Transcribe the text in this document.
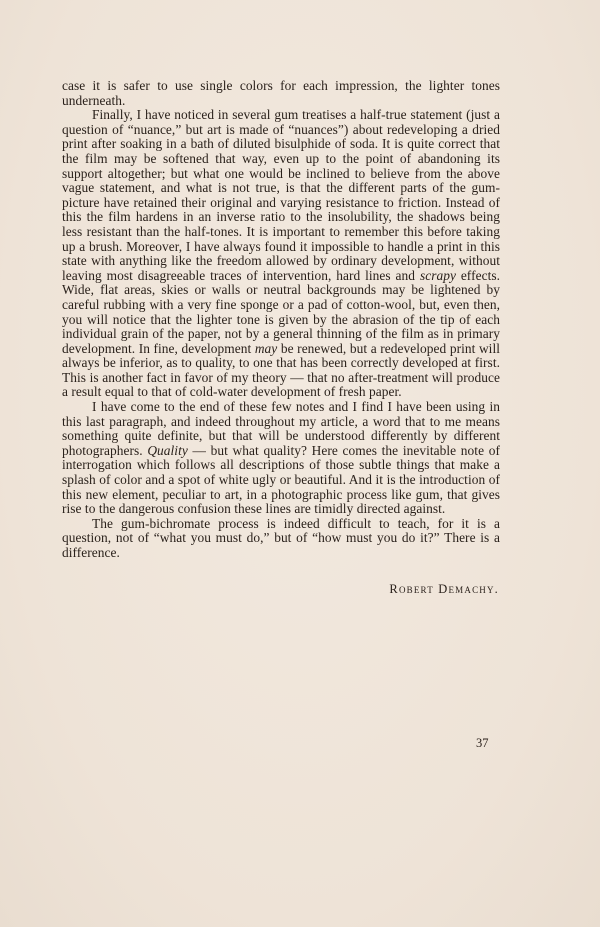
case it is safer to use single colors for each impression, the lighter tones underneath.

Finally, I have noticed in several gum treatises a half-true statement (just a question of “nuance,” but art is made of “nuances”) about redeveloping a dried print after soaking in a bath of diluted bisulphide of soda. It is quite correct that the film may be softened that way, even up to the point of abandoning its support altogether; but what one would be inclined to believe from the above vague statement, and what is not true, is that the different parts of the gum-picture have retained their original and varying resistance to friction. Instead of this the film hardens in an inverse ratio to the insolubility, the shadows being less resistant than the half-tones. It is important to remember this before taking up a brush. Moreover, I have always found it impossible to handle a print in this state with anything like the freedom allowed by ordinary development, without leaving most disagreeable traces of intervention, hard lines and scrapy effects. Wide, flat areas, skies or walls or neutral backgrounds may be lightened by careful rubbing with a very fine sponge or a pad of cotton-wool, but, even then, you will notice that the lighter tone is given by the abrasion of the tip of each individual grain of the paper, not by a general thinning of the film as in primary development. In fine, development may be renewed, but a redeveloped print will always be inferior, as to quality, to one that has been correctly developed at first. This is another fact in favor of my theory — that no after-treatment will produce a result equal to that of cold-water development of fresh paper.

I have come to the end of these few notes and I find I have been using in this last paragraph, and indeed throughout my article, a word that to me means something quite definite, but that will be understood differently by different photographers. Quality — but what quality? Here comes the inevitable note of interrogation which follows all descriptions of those subtle things that make a splash of color and a spot of white ugly or beautiful. And it is the introduction of this new element, peculiar to art, in a photographic process like gum, that gives rise to the dangerous confusion these lines are timidly directed against.

The gum-bichromate process is indeed difficult to teach, for it is a question, not of “what you must do,” but of “how must you do it?” There is a difference.

Robert Demachy.
37
